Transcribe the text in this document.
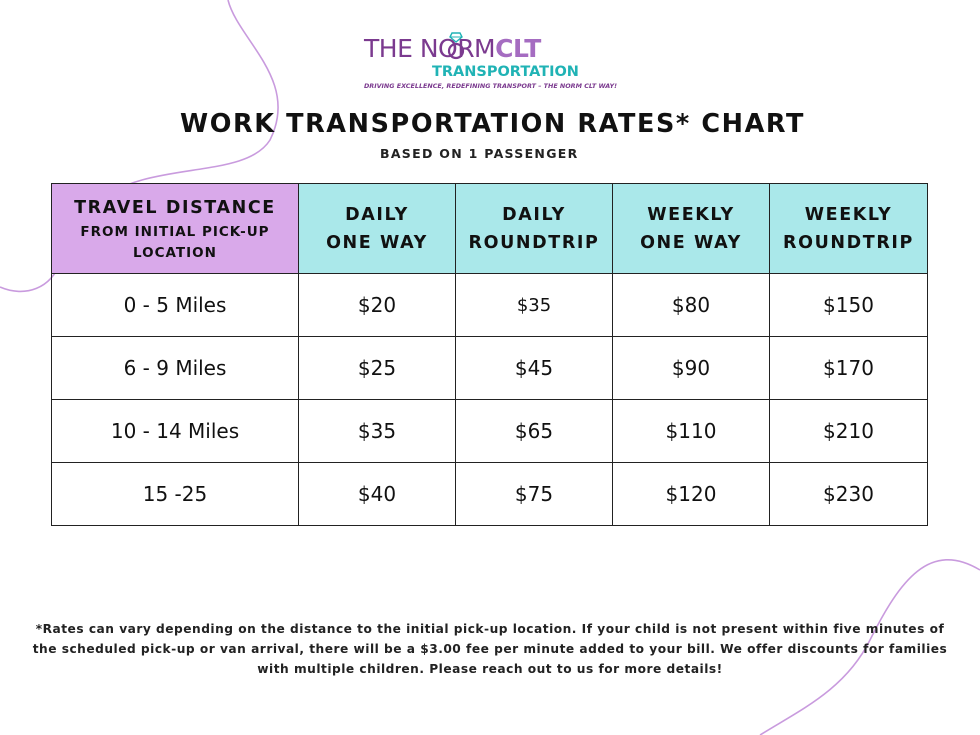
THE NORMCLT
TRANSPORTATION
DRIVING EXCELLENCE, REDEFINING TRANSPORT – THE NORM CLT WAY!
WORK TRANSPORTATION RATES* CHART

BASED ON 1 PASSENGER

TRAVEL DISTANCE
FROM INITIAL PICK-UP
LOCATION	DAILY
ONE WAY	DAILY
ROUNDTRIP	WEEKLY
ONE WAY	WEEKLY
ROUNDTRIP

0 - 5 Miles	$20	$35	$80	$150
6 - 9 Miles	$25	$45	$90	$170
10 - 14 Miles	$35	$65	$110	$210
15 -25	$40	$75	$120	$230

*Rates can vary depending on the distance to the initial pick-up location. If your child is not present within five minutes of the scheduled pick-up or van arrival, there will be a $3.00 fee per minute added to your bill. We offer discounts for families with multiple children. Please reach out to us for more details!
